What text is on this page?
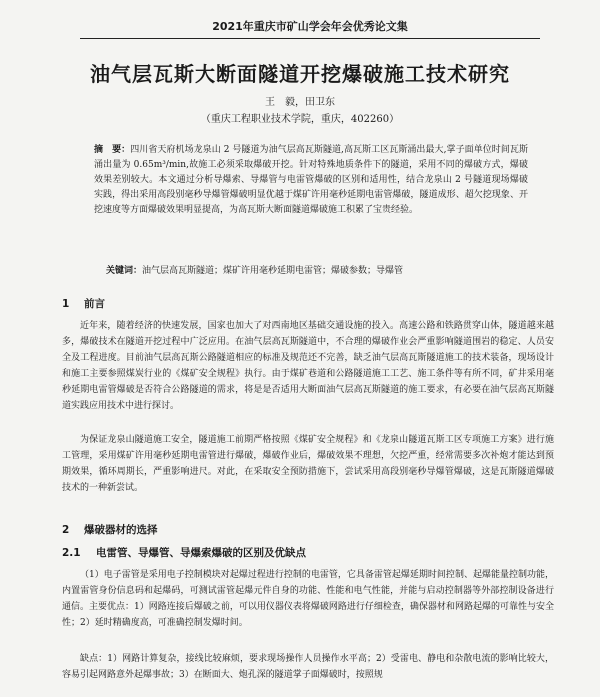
2021年重庆市矿山学会年会优秀论文集
油气层瓦斯大断面隧道开挖爆破施工技术研究
王　毅，田卫东
（重庆工程职业技术学院，重庆，402260）
摘　要：四川省天府机场龙泉山 2 号隧道为油气层高瓦斯隧道,高瓦斯工区瓦斯涌出最大,掌子面单位时间瓦斯涌出量为 0.65m³/min,故施工必须采取爆破开挖。针对特殊地质条件下的隧道，采用不同的爆破方式，爆破效果差别较大。本文通过分析导爆索、导爆管与电雷管爆破的区别和适用性，结合龙泉山 2 号隧道现场爆破实践，得出采用高段别毫秒导爆管爆破明显优越于煤矿许用毫秒延期电雷管爆破，隧道成形、超欠挖现象、开挖速度等方面爆破效果明显提高，为高瓦斯大断面隧道爆破施工积累了宝贵经验。
关键词：油气层高瓦斯隧道；煤矿许用毫秒延期电雷管；爆破参数；导爆管
1 前言
近年来，随着经济的快速发展，国家也加大了对西南地区基础交通设施的投入。高速公路和铁路贯穿山体，隧道越来越多，爆破技术在隧道开挖过程中广泛应用。在油气层高瓦斯隧道中，不合理的爆破作业会严重影响隧道围岩的稳定、人员安全及工程进度。目前油气层高瓦斯公路隧道相应的标准及规范还不完善，缺乏油气层高瓦斯隧道施工的技术装备，现场设计和施工主要参照煤炭行业的《煤矿安全规程》执行。由于煤矿巷道和公路隧道施工工艺、施工条件等有所不同，矿井采用毫秒延期电雷管爆破是否符合公路隧道的需求，将是是否适用大断面油气层高瓦斯隧道的施工要求，有必要在油气层高瓦斯隧道实践应用技术中进行探讨。
为保证龙泉山隧道施工安全，隧道施工前期严格按照《煤矿安全规程》和《龙泉山隧道瓦斯工区专项施工方案》进行施工管理，采用煤矿许用毫秒延期电雷管进行爆破，爆破作业后，爆破效果不理想，欠挖严重，经常需要多次补炮才能达到预期效果，循环周期长，严重影响进尺。对此，在采取安全预防措施下，尝试采用高段别毫秒导爆管爆破，这是瓦斯隧道爆破技术的一种新尝试。
2 爆破器材的选择
2.1 电雷管、导爆管、导爆索爆破的区别及优缺点
（1）电子雷管是采用电子控制模块对起爆过程进行控制的电雷管，它具备雷管起爆延期时间控制、起爆能量控制功能，内置雷管身份信息码和起爆码，可测试雷管起爆元件自身的功能、性能和电气性能，并能与启动控制器等外部控制设备进行通信。主要优点：1）网路连接后爆破之前，可以用仪器仪表将爆破网路进行仔细检查，确保器材和网路起爆的可靠性与安全性；2）延时精确度高，可准确控制发爆时间。
缺点：1）网路计算复杂，接线比较麻烦，要求现场操作人员操作水平高；2）受雷电、静电和杂散电流的影响比较大，容易引起网路意外起爆事故；3）在断面大、炮孔深的隧道掌子面爆破时，按照规
